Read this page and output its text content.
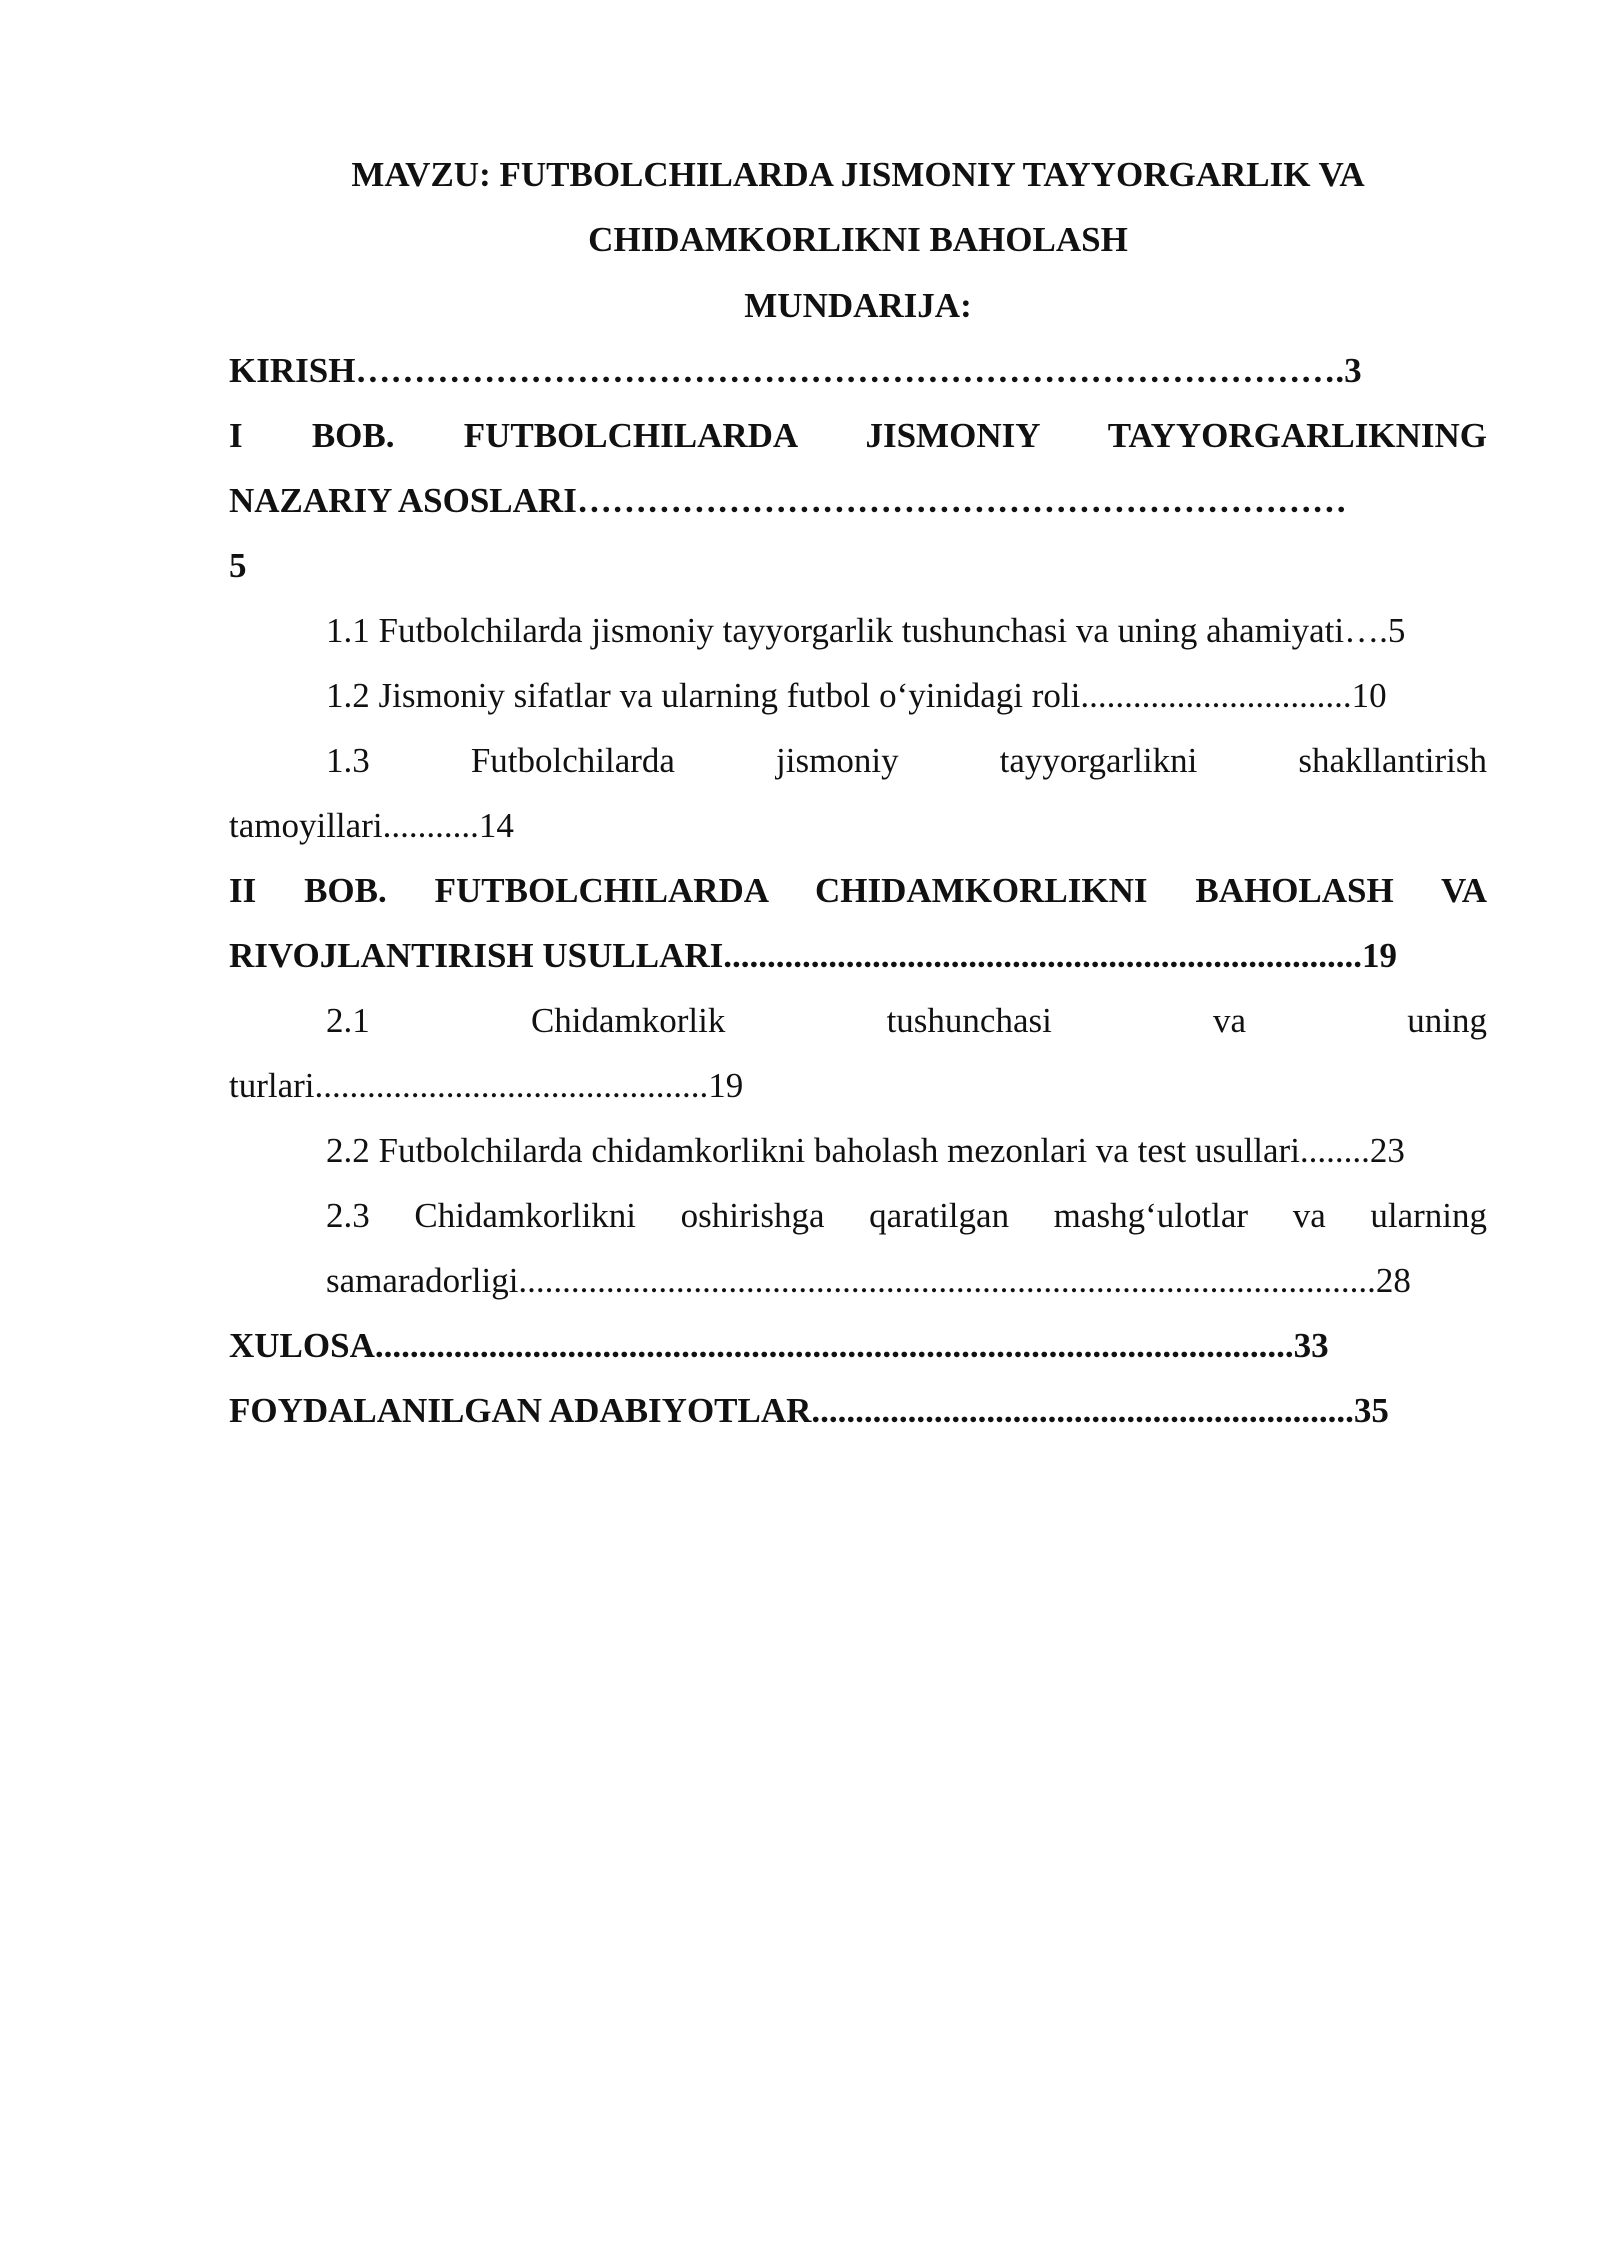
MAVZU: FUTBOLCHILARDA JISMONIY TAYYORGARLIK VA
CHIDAMKORLIKNI BAHOLASH
MUNDARIJA:
KIRISH………………………………………………………………………….3
I BOB. FUTBOLCHILARDA JISMONIY TAYYORGARLIKNING
NAZARIY ASOSLARI…………………………………………………………
5
1.1 Futbolchilarda jismoniy tayyorgarlik tushunchasi va uning ahamiyati….5
1.2 Jismoniy sifatlar va ularning futbol o‘yinidagi roli...............................10
1.3 Futbolchilarda jismoniy tayyorgarlikni shakllantirish
tamoyillari...........14
II BOB. FUTBOLCHILARDA CHIDAMKORLIKNI BAHOLASH VA
RIVOJLANTIRISH USULLARI.........................................................................19
2.1 Chidamkorlik tushunchasi va uning
turlari.............................................19
2.2 Futbolchilarda chidamkorlikni baholash mezonlari va test usullari........23
2.3 Chidamkorlikni oshirishga qaratilgan mashg‘ulotlar va ularning
samaradorligi..................................................................................................28
XULOSA.........................................................................................................33
FOYDALANILGAN ADABIYOTLAR..............................................................35
